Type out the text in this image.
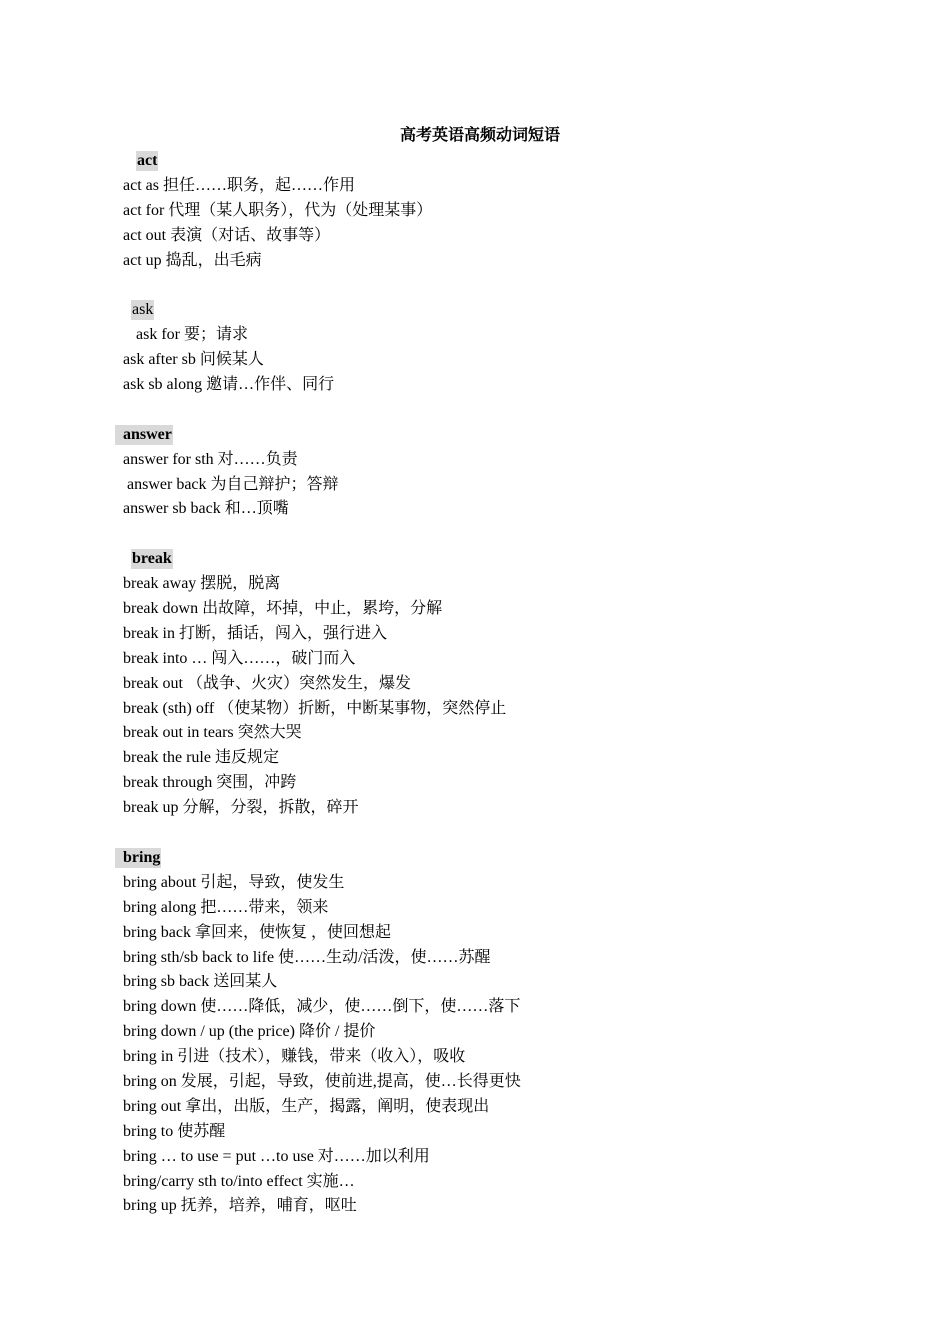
高考英语高频动词短语
act
act as 担任……职务，起……作用
act for 代理（某人职务），代为（处理某事）
act out 表演（对话、故事等）
act up 捣乱，出毛病
ask
ask for 要；请求
ask after sb 问候某人
ask sb along 邀请…作伴、同行
answer
answer for sth 对……负责
answer back 为自己辩护；答辩
answer sb back 和…顶嘴
break
break away 摆脱，脱离
break down 出故障，坏掉，中止，累垮，分解
break in 打断，插话，闯入，强行进入
break into … 闯入……，破门而入
break out （战争、火灾）突然发生，爆发
break (sth) off （使某物）折断，中断某事物，突然停止
break out in tears 突然大哭
break the rule 违反规定
break through 突围，冲跨
break up 分解，分裂，拆散，碎开
bring
bring about 引起，导致，使发生
bring along 把……带来，领来
bring back 拿回来，使恢复 ，使回想起
bring sth/sb back to life 使……生动/活泼，使……苏醒
bring sb back 送回某人
bring down 使……降低，减少，使……倒下，使……落下
bring down / up (the price) 降价 / 提价
bring in 引进（技术），赚钱，带来（收入），吸收
bring on 发展，引起，导致，使前进,提高，使…长得更快
bring out 拿出，出版，生产，揭露，阐明，使表现出
bring to 使苏醒
bring … to use = put …to use 对……加以利用
bring/carry sth to/into effect 实施…
bring up 抚养，培养，哺育，呕吐
